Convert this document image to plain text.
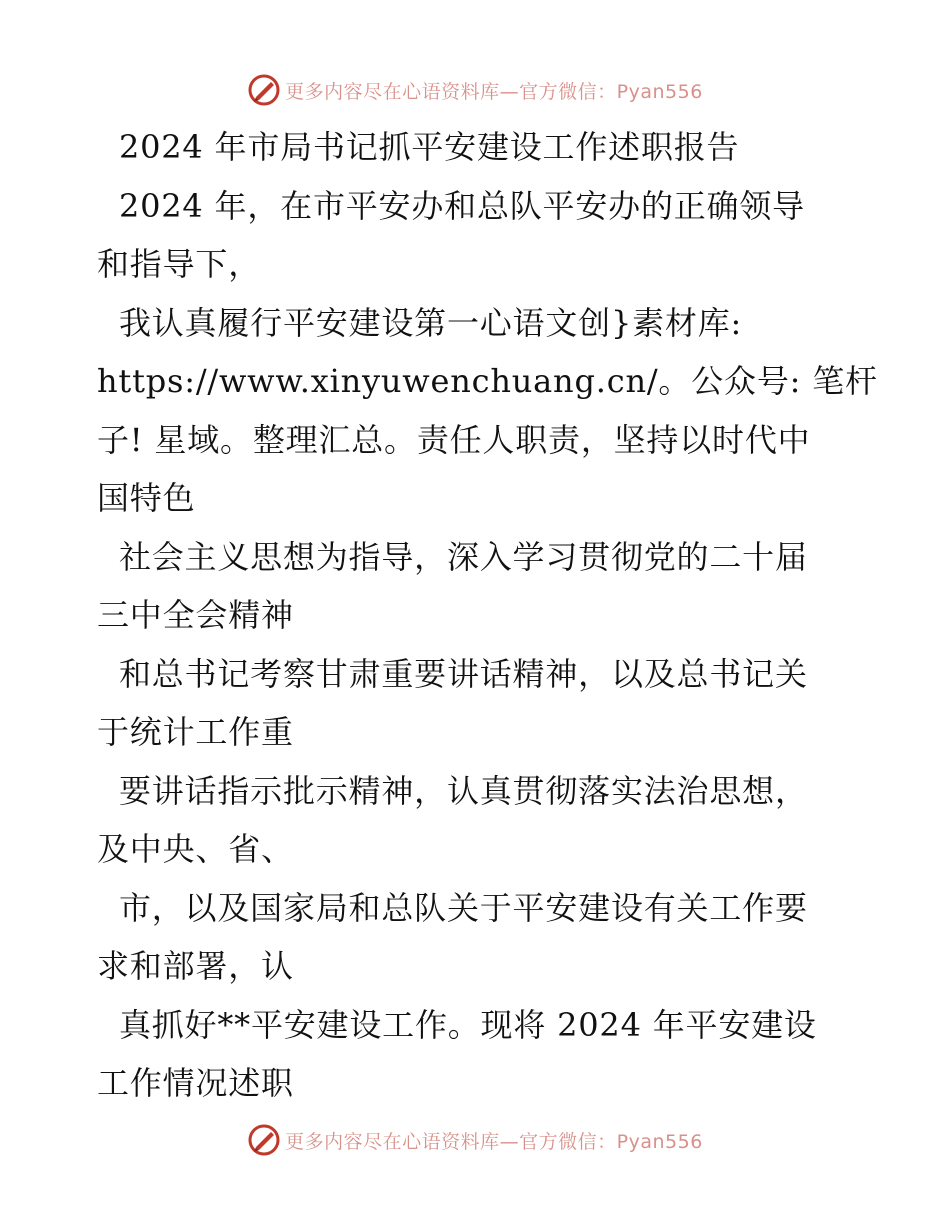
更多内容尽在心语资料库—官方微信：Pyan556
2024 年市局书记抓平安建设工作述职报告
2024 年，在市平安办和总队平安办的正确领导
和指导下，
我认真履行平安建设第一心语文创}素材库:
https://www.xinyuwenchuang.cn/。公众号: 笔杆
子! 星域。整理汇总。责任人职责，坚持以时代中
国特色
社会主义思想为指导，深入学习贯彻党的二十届
三中全会精神
和总书记考察甘肃重要讲话精神，以及总书记关
于统计工作重
要讲话指示批示精神，认真贯彻落实法治思想，
及中央、省、
市，以及国家局和总队关于平安建设有关工作要
求和部署，认
真抓好**平安建设工作。现将 2024 年平安建设
工作情况述职
更多内容尽在心语资料库—官方微信：Pyan556
